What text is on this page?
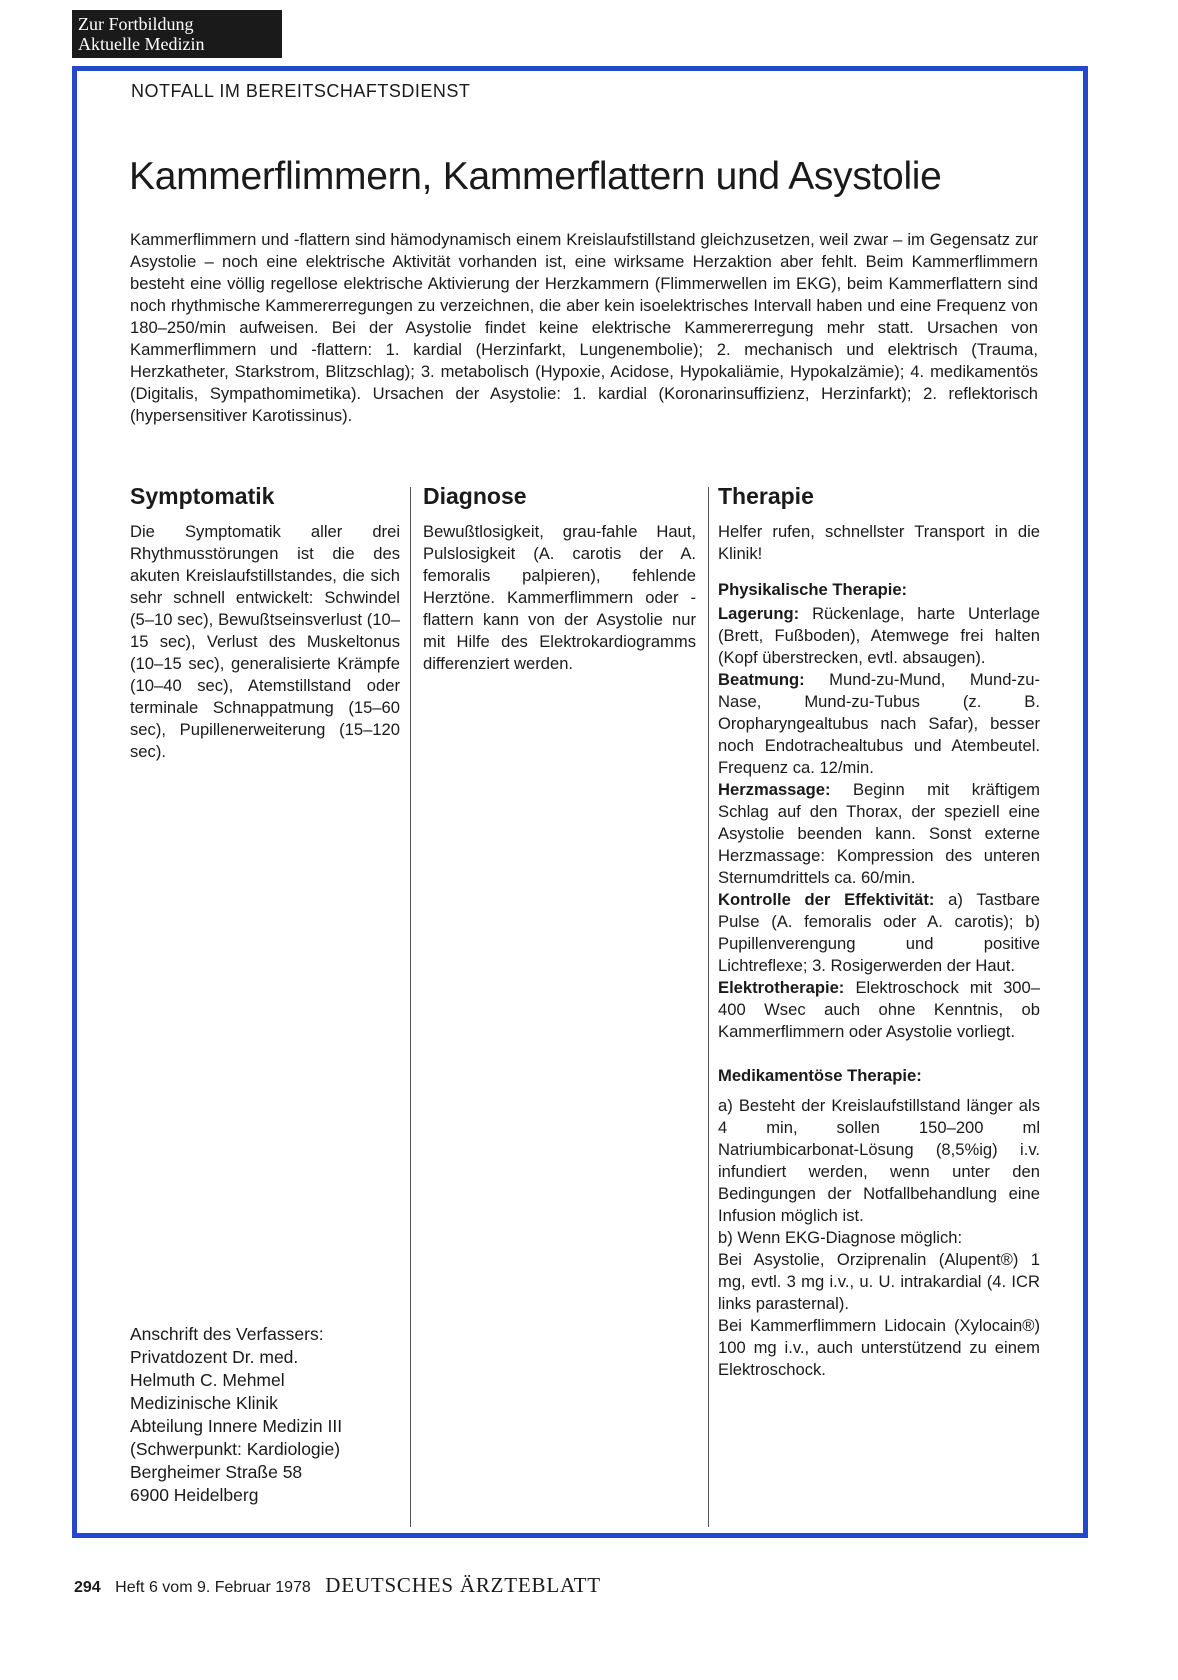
Zur Fortbildung
Aktuelle Medizin
NOTFALL IM BEREITSCHAFTSDIENST
Kammerflimmern, Kammerflattern und Asystolie

Kammerflimmern und -flattern sind hämodynamisch einem Kreislaufstillstand gleichzusetzen, weil zwar – im Gegensatz zur Asystolie – noch eine elektrische Aktivität vorhanden ist, eine wirksame Herzaktion aber fehlt. Beim Kammerflimmern besteht eine völlig regellose elektrische Aktivierung der Herzkammern (Flimmerwellen im EKG), beim Kammerflattern sind noch rhythmische Kammererregungen zu verzeichnen, die aber kein isoelektrisches Intervall haben und eine Frequenz von 180–250/min aufweisen. Bei der Asystolie findet keine elektrische Kammererregung mehr statt. Ursachen von Kammerflimmern und -flattern: 1. kardial (Herzinfarkt, Lungenembolie); 2. mechanisch und elektrisch (Trauma, Herzkatheter, Starkstrom, Blitzschlag); 3. metabolisch (Hypoxie, Acidose, Hypokaliämie, Hypokalzämie); 4. medikamentös (Digitalis, Sympathomimetika). Ursachen der Asystolie: 1. kardial (Koronarinsuffizienz, Herzinfarkt); 2. reflektorisch (hypersensitiver Karotissinus).

Symptomatik

Die Symptomatik aller drei Rhythmusstörungen ist die des akuten Kreislaufstillstandes, die sich sehr schnell entwickelt: Schwindel (5–10 sec), Bewußtseinsverlust (10–15 sec), Verlust des Muskeltonus (10–15 sec), generalisierte Krämpfe (10–40 sec), Atemstillstand oder terminale Schnappatmung (15–60 sec), Pupillenerweiterung (15–120 sec).

Diagnose

Bewußtlosigkeit, grau-fahle Haut, Pulslosigkeit (A. carotis der A. femoralis palpieren), fehlende Herztöne. Kammerflimmern oder -flattern kann von der Asystolie nur mit Hilfe des Elektrokardiogramms differenziert werden.

Therapie

Helfer rufen, schnellster Transport in die Klinik!

Physikalische Therapie:

Lagerung: Rückenlage, harte Unterlage (Brett, Fußboden), Atemwege frei halten (Kopf überstrecken, evtl. absaugen).

Beatmung: Mund-zu-Mund, Mund-zu-Nase, Mund-zu-Tubus (z. B. Oropharyngealtubus nach Safar), besser noch Endotrachealtubus und Atembeutel. Frequenz ca. 12/min.

Herzmassage: Beginn mit kräftigem Schlag auf den Thorax, der speziell eine Asystolie beenden kann. Sonst externe Herzmassage: Kompression des unteren Sternumdrittels ca. 60/min.

Kontrolle der Effektivität: a) Tastbare Pulse (A. femoralis oder A. carotis); b) Pupillenverengung und positive Lichtreflexe; 3. Rosigerwerden der Haut.

Elektrotherapie: Elektroschock mit 300–400 Wsec auch ohne Kenntnis, ob Kammerflimmern oder Asystolie vorliegt.

Medikamentöse Therapie:

a) Besteht der Kreislaufstillstand länger als 4 min, sollen 150–200 ml Natriumbicarbonat-Lösung (8,5%ig) i.v. infundiert werden, wenn unter den Bedingungen der Notfallbehandlung eine Infusion möglich ist.

b) Wenn EKG-Diagnose möglich:

Bei Asystolie, Orziprenalin (Alupent®) 1 mg, evtl. 3 mg i.v., u. U. intrakardial (4. ICR links parasternal).

Bei Kammerflimmern Lidocain (Xylocain®) 100 mg i.v., auch unterstützend zu einem Elektroschock.

Anschrift des Verfassers:
Privatdozent Dr. med.
Helmuth C. Mehmel
Medizinische Klinik
Abteilung Innere Medizin III
(Schwerpunkt: Kardiologie)
Bergheimer Straße 58
6900 Heidelberg
294 Heft 6 vom 9. Februar 1978 DEUTSCHES ÄRZTEBLATT
